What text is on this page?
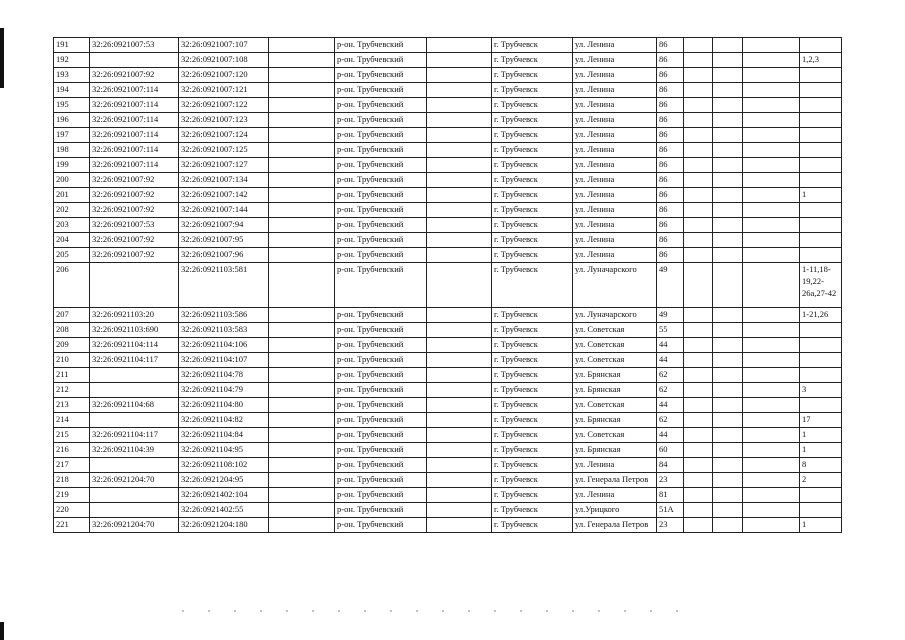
191	32:26:0921007:53	32:26:0921007:107		р-он. Трубчевский		г. Трубчевск	ул. Ленина	86				
192		32:26:0921007:108		р-он. Трубчевский		г. Трубчевск	ул. Ленина	86				1,2,3
193	32:26:0921007:92	32:26:0921007:120		р-он. Трубчевский		г. Трубчевск	ул. Ленина	86				
194	32:26:0921007:114	32:26:0921007:121		р-он. Трубчевский		г. Трубчевск	ул. Ленина	86				
195	32:26:0921007:114	32:26:0921007:122		р-он. Трубчевский		г. Трубчевск	ул. Ленина	86				
196	32:26:0921007:114	32:26:0921007:123		р-он. Трубчевский		г. Трубчевск	ул. Ленина	86				
197	32:26:0921007:114	32:26:0921007:124		р-он. Трубчевский		г. Трубчевск	ул. Ленина	86				
198	32:26:0921007:114	32:26:0921007:125		р-он. Трубчевский		г. Трубчевск	ул. Ленина	86				
199	32:26:0921007:114	32:26:0921007:127		р-он. Трубчевский		г. Трубчевск	ул. Ленина	86				
200	32:26:0921007:92	32:26:0921007:134		р-он. Трубчевский		г. Трубчевск	ул. Ленина	86				
201	32:26:0921007:92	32:26:0921007:142		р-он. Трубчевский		г. Трубчевск	ул. Ленина	86				1
202	32:26:0921007:92	32:26:0921007:144		р-он. Трубчевский		г. Трубчевск	ул. Ленина	86				
203	32:26:0921007:53	32:26:0921007:94		р-он. Трубчевский		г. Трубчевск	ул. Ленина	86				
204	32:26:0921007:92	32:26:0921007:95		р-он. Трубчевский		г. Трубчевск	ул. Ленина	86				
205	32:26:0921007:92	32:26:0921007:96		р-он. Трубчевский		г. Трубчевск	ул. Ленина	86				
206		32:26:0921103:581		р-он. Трубчевский		г. Трубчевск	ул. Луначарского	49				1-11,18-19,22-26а,27-42
207	32:26:0921103:20	32:26:0921103:586		р-он. Трубчевский		г. Трубчевск	ул. Луначарского	49				1-21,26
208	32:26:0921103:690	32:26:0921103:583		р-он. Трубчевский		г. Трубчевск	ул. Советская	55				
209	32:26:0921104:114	32:26:0921104:106		р-он. Трубчевский		г. Трубчевск	ул. Советская	44				
210	32:26:0921104:117	32:26:0921104:107		р-он. Трубчевский		г. Трубчевск	ул. Советская	44				
211		32:26:0921104:78		р-он. Трубчевский		г. Трубчевск	ул. Брянская	62				
212		32:26:0921104:79		р-он. Трубчевский		г. Трубчевск	ул. Брянская	62				3
213	32:26:0921104:68	32:26:0921104:80		р-он. Трубчевский		г. Трубчевск	ул. Советская	44				
214		32:26:0921104:82		р-он. Трубчевский		г. Трубчевск	ул. Брянская	62				17
215	32:26:0921104:117	32:26:0921104:84		р-он. Трубчевский		г. Трубчевск	ул. Советская	44				1
216	32:26:0921104:39	32:26:0921104:95		р-он. Трубчевский		г. Трубчевск	ул. Брянская	60				1
217		32:26:0921108:102		р-он. Трубчевский		г. Трубчевск	ул. Ленина	84				8
218	32:26:0921204:70	32:26:0921204:95		р-он. Трубчевский		г. Трубчевск	ул. Генерала Петров	23				2
219		32:26:0921402:104		р-он. Трубчевский		г. Трубчевск	ул. Ленина	81				
220		32:26:0921402:55		р-он. Трубчевский		г. Трубчевск	ул.Урицкого	51А				
221	32:26:0921204:70	32:26:0921204:180		р-он. Трубчевский		г. Трубчевск	ул. Генерала Петров	23				1
